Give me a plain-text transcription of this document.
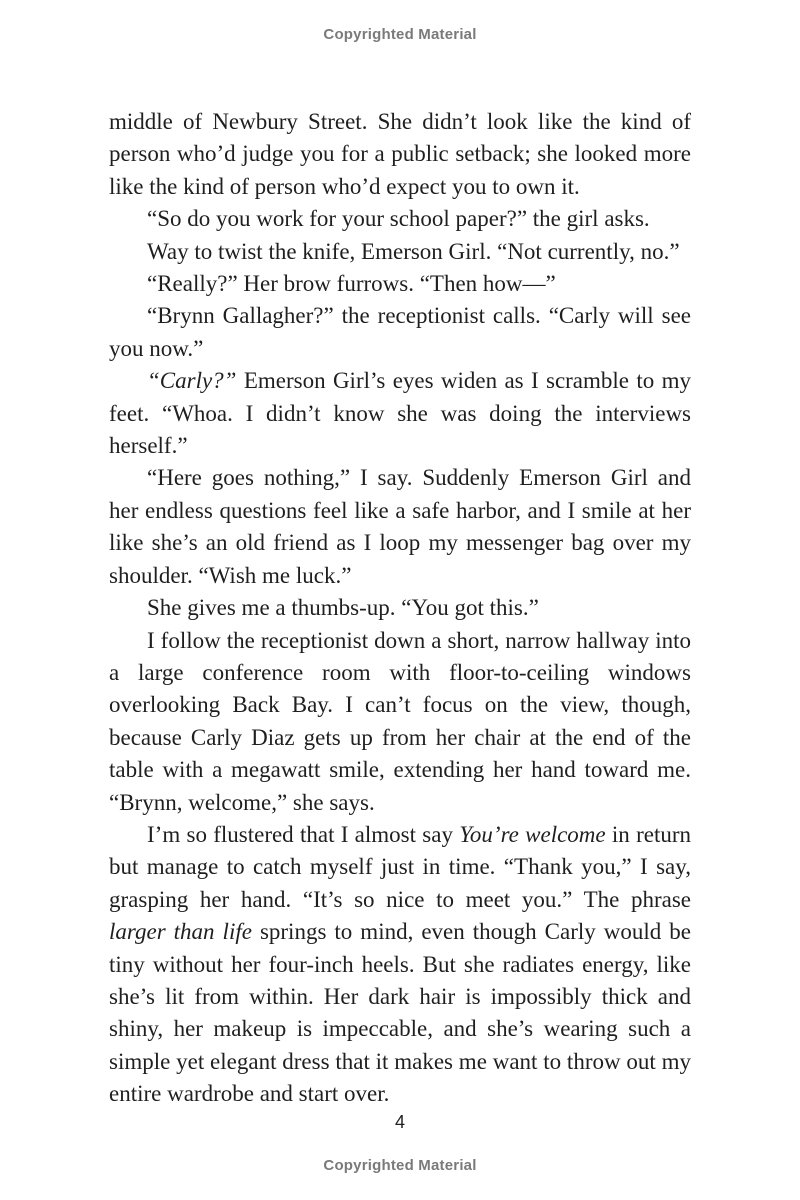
Copyrighted Material

middle of Newbury Street. She didn’t look like the kind of person who’d judge you for a public setback; she looked more like the kind of person who’d expect you to own it.

“So do you work for your school paper?” the girl asks.

Way to twist the knife, Emerson Girl. “Not currently, no.”

“Really?” Her brow furrows. “Then how—”

“Brynn Gallagher?” the receptionist calls. “Carly will see you now.”

“Carly?” Emerson Girl’s eyes widen as I scramble to my feet. “Whoa. I didn’t know she was doing the interviews herself.”

“Here goes nothing,” I say. Suddenly Emerson Girl and her endless questions feel like a safe harbor, and I smile at her like she’s an old friend as I loop my messenger bag over my shoulder. “Wish me luck.”

She gives me a thumbs-up. “You got this.”

I follow the receptionist down a short, narrow hallway into a large conference room with floor-to-ceiling windows overlooking Back Bay. I can’t focus on the view, though, because Carly Diaz gets up from her chair at the end of the table with a megawatt smile, extending her hand toward me. “Brynn, welcome,” she says.

I’m so flustered that I almost say You’re welcome in return but manage to catch myself just in time. “Thank you,” I say, grasping her hand. “It’s so nice to meet you.” The phrase larger than life springs to mind, even though Carly would be tiny without her four-inch heels. But she radiates energy, like she’s lit from within. Her dark hair is impossibly thick and shiny, her makeup is impeccable, and she’s wearing such a simple yet elegant dress that it makes me want to throw out my entire wardrobe and start over.

4
Copyrighted Material
